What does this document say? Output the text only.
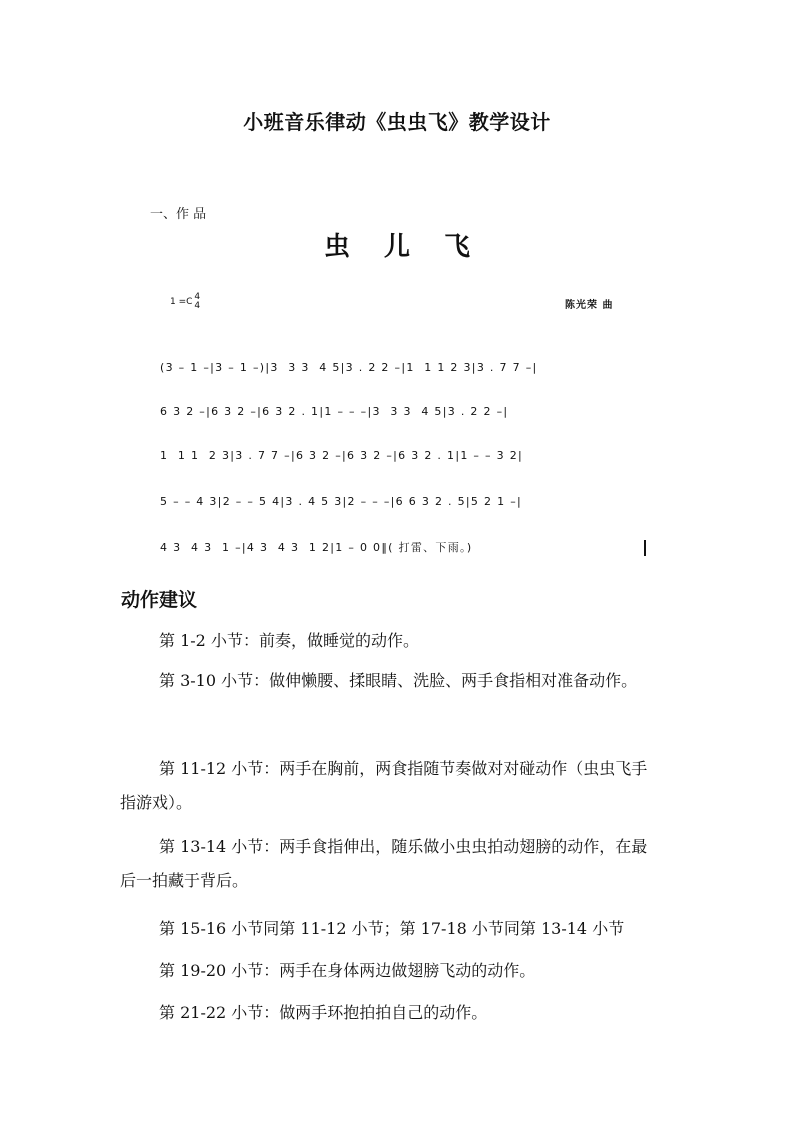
小班音乐律动《虫虫飞》教学设计
一、作 品
虫儿飞
1 =C 4
4	陈光荣 曲
(3 – 1 –|3 – 1 –)|3  3 3  4 5|3 . 2 2 –|1  1 1 2 3|3 . 7 7 –|
6 3 2 –|6 3 2 –|6 3 2 . 1|1 – – –|3  3 3  4 5|3 . 2 2 –|
1  1 1  2 3|3 . 7 7 –|6 3 2 –|6 3 2 –|6 3 2 . 1|1 – – 3 2|
5 – – 4 3|2 – – 5 4|3 . 4 5 3|2 – – –|6 6 3 2 . 5|5 2 1 –|
4 3  4 3  1 –|4 3  4 3  1 2|1 – 0 0‖( 打雷、下雨。)
动作建议
第 1-2 小节：前奏，做睡觉的动作。
第 3-10 小节：做伸懒腰、揉眼睛、洗脸、两手食指相对准备动作。
第 11-12 小节：两手在胸前，两食指随节奏做对对碰动作（虫虫飞手指游戏）。
第 13-14 小节：两手食指伸出，随乐做小虫虫拍动翅膀的动作，在最后一拍藏于背后。
第 15-16 小节同第 11-12 小节；第 17-18 小节同第 13-14 小节
第 19-20 小节：两手在身体两边做翅膀飞动的动作。
第 21-22 小节：做两手环抱拍拍自己的动作。
